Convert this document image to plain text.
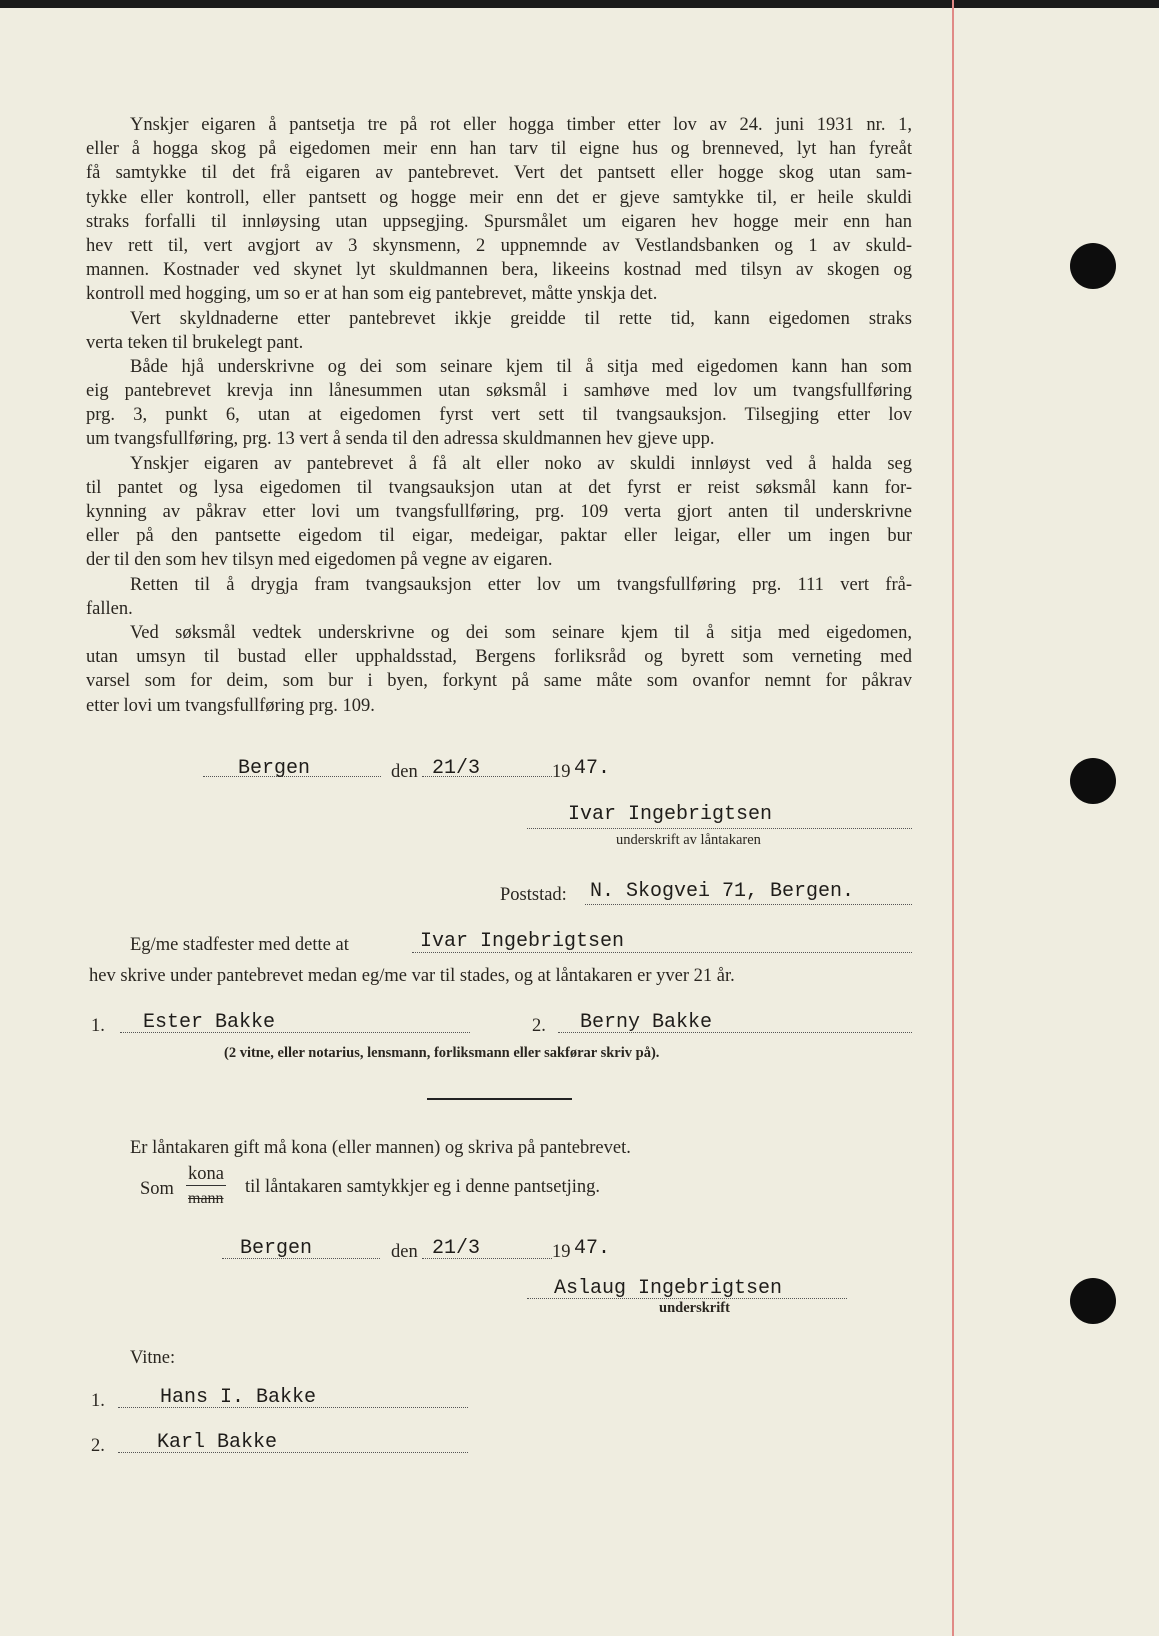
Ynskjer eigaren å pantsetja tre på rot eller hogga timber etter lov av 24. juni 1931 nr. 1,
eller å hogga skog på eigedomen meir enn han tarv til eigne hus og brenneved, lyt han fyreåt
få samtykke til det frå eigaren av pantebrevet. Vert det pantsett eller hogge skog utan sam-
tykke eller kontroll, eller pantsett og hogge meir enn det er gjeve samtykke til, er heile skuldi
straks forfalli til innløysing utan uppsegjing. Spursmålet um eigaren hev hogge meir enn han
hev rett til, vert avgjort av 3 skynsmenn, 2 uppnemnde av Vestlandsbanken og 1 av skuld-
mannen. Kostnader ved skynet lyt skuldmannen bera, likeeins kostnad med tilsyn av skogen og
kontroll med hogging, um so er at han som eig pantebrevet, måtte ynskja det.
Vert skyldnaderne etter pantebrevet ikkje greidde til rette tid, kann eigedomen straks
verta teken til brukelegt pant.
Både hjå underskrivne og dei som seinare kjem til å sitja med eigedomen kann han som
eig pantebrevet krevja inn lånesummen utan søksmål i samhøve med lov um tvangsfullføring
prg. 3, punkt 6, utan at eigedomen fyrst vert sett til tvangsauksjon. Tilsegjing etter lov
um tvangsfullføring, prg. 13 vert å senda til den adressa skuldmannen hev gjeve upp.
Ynskjer eigaren av pantebrevet å få alt eller noko av skuldi innløyst ved å halda seg
til pantet og lysa eigedomen til tvangsauksjon utan at det fyrst er reist søksmål kann for-
kynning av påkrav etter lovi um tvangsfullføring, prg. 109 verta gjort anten til underskrivne
eller på den pantsette eigedom til eigar, medeigar, paktar eller leigar, eller um ingen bur
der til den som hev tilsyn med eigedomen på vegne av eigaren.
Retten til å drygja fram tvangsauksjon etter lov um tvangsfullføring prg. 111 vert frå-
fallen.
Ved søksmål vedtek underskrivne og dei som seinare kjem til å sitja med eigedomen,
utan umsyn til bustad eller upphaldsstad, Bergens forliksråd og byrett som verneting med
varsel som for deim, som bur i byen, forkynt på same måte som ovanfor nemnt for påkrav
etter lovi um tvangsfullføring prg. 109.
Bergen	den 21/3	19 47.
Ivar Ingebrigtsen
underskrift av låntakaren
Poststad: N. Skogvei 71, Bergen.
Eg/me stadfester med dette at	Ivar Ingebrigtsen
hev skrive under pantebrevet medan eg/me var til stades, og at låntakaren er yver 21 år.
1. Ester Bakke	2. Berny Bakke
(2 vitne, eller notarius, lensmann, forliksmann eller sakførar skriv på).
Er låntakaren gift må kona (eller mannen) og skriva på pantebrevet.
Som
kona
mann
til låntakaren samtykkjer eg i denne pantsetjing.
Bergen	den 21/3	19 47.
Aslaug Ingebrigtsen
underskrift
Vitne:
1.	Hans I. Bakke
2.	Karl Bakke
